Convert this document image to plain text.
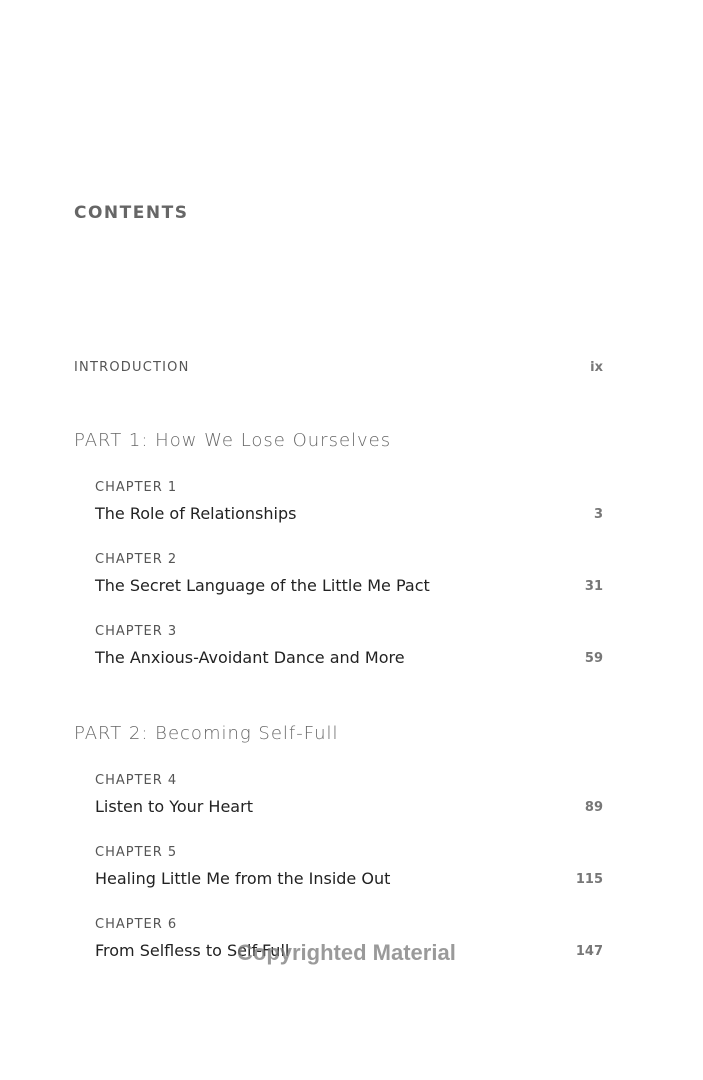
CONTENTS
INTRODUCTION	ix
PART 1: How We Lose Ourselves
CHAPTER 1
The Role of Relationships	3
CHAPTER 2
The Secret Language of the Little Me Pact	31
CHAPTER 3
The Anxious-Avoidant Dance and More	59
PART 2: Becoming Self-Full
CHAPTER 4
Listen to Your Heart	89
CHAPTER 5
Healing Little Me from the Inside Out	115
CHAPTER 6
From Selfless to Self-Full	147
Copyrighted Material
